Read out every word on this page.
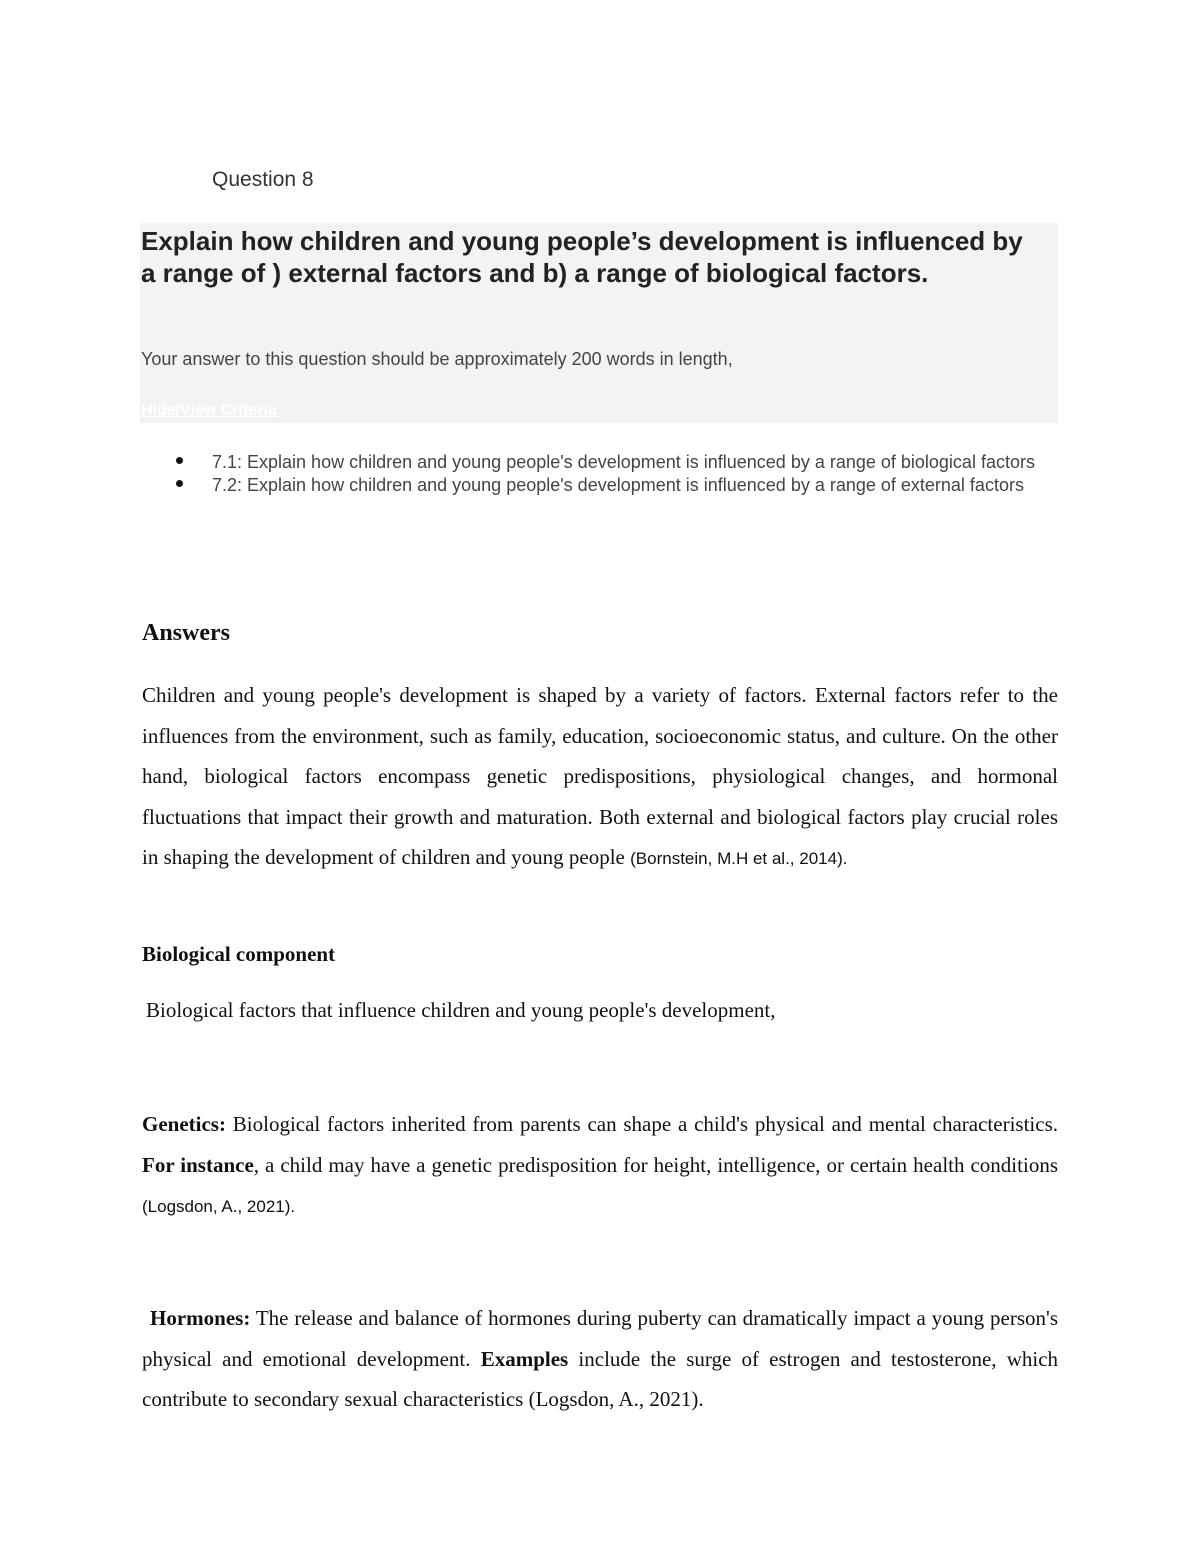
Question 8
Explain how children and young people’s development is influenced by a range of ) external factors and b) a range of biological factors.
Your answer to this question should be approximately 200 words in length,
Hide/View Criteria
7.1: Explain how children and young people's development is influenced by a range of biological factors
7.2: Explain how children and young people's development is influenced by a range of external factors
Answers

Children and young people's development is shaped by a variety of factors. External factors refer to the influences from the environment, such as family, education, socioeconomic status, and culture. On the other hand, biological factors encompass genetic predispositions, physiological changes, and hormonal fluctuations that impact their growth and maturation. Both external and biological factors play crucial roles in shaping the development of children and young people (Bornstein, M.H et al., 2014).

Biological component

Biological factors that influence children and young people's development,

Genetics: Biological factors inherited from parents can shape a child's physical and mental characteristics. For instance, a child may have a genetic predisposition for height, intelligence, or certain health conditions (Logsdon, A., 2021).

Hormones: The release and balance of hormones during puberty can dramatically impact a young person's physical and emotional development. Examples include the surge of estrogen and testosterone, which contribute to secondary sexual characteristics (Logsdon, A., 2021).
